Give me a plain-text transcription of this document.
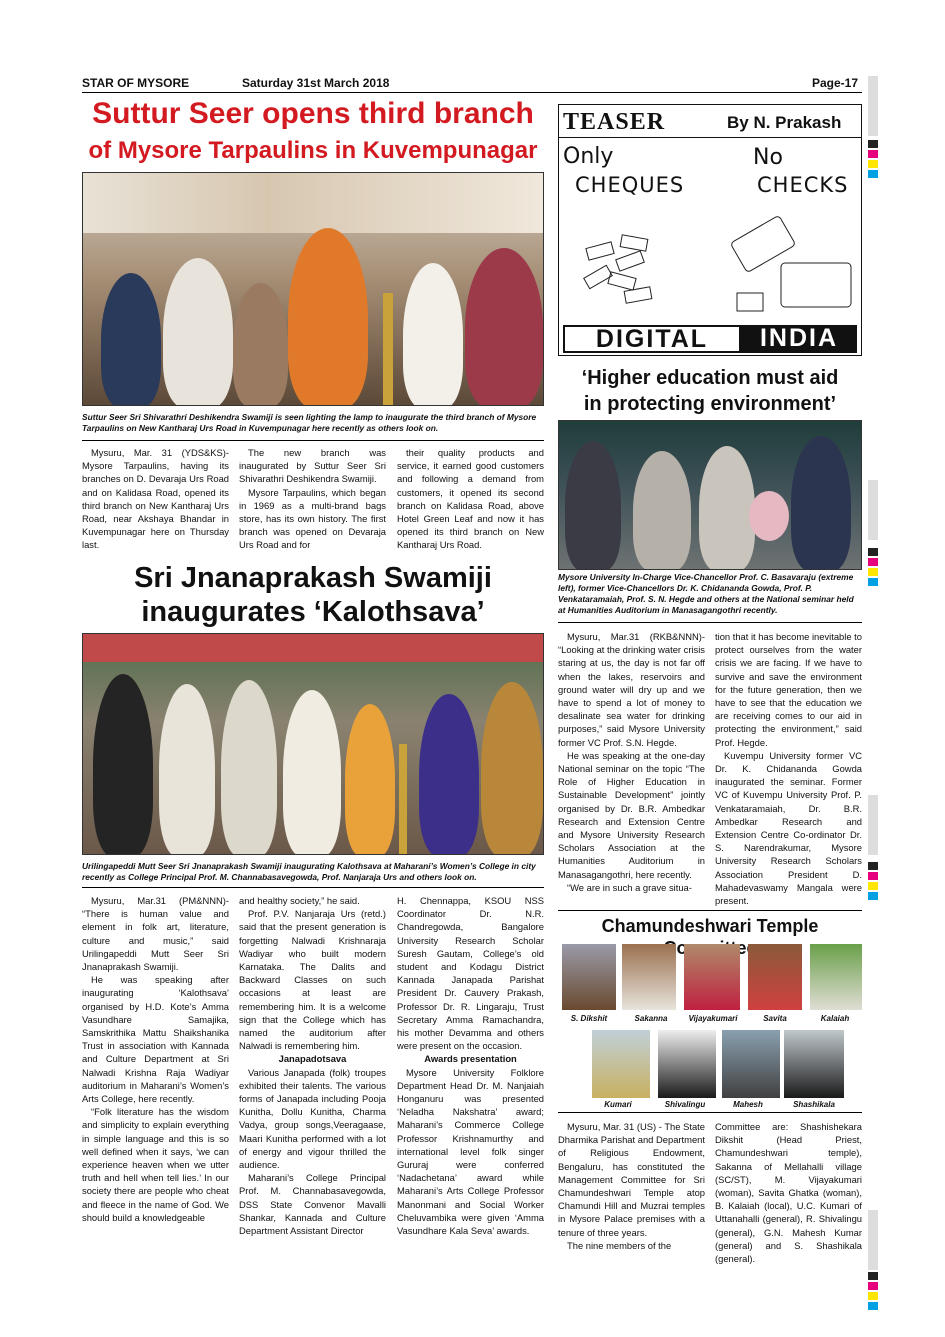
STAR OF MYSORE	Saturday 31st March 2018	Page-17
Suttur Seer opens third branch
of Mysore Tarpaulins in Kuvempunagar
Suttur Seer Sri Shivarathri Deshikendra Swamiji is seen lighting the lamp to inaugurate the third branch of Mysore Tarpaulins on New Kantharaj Urs Road in Kuvempunagar here recently as others look on.

Mysuru, Mar. 31 (YDS&KS)- Mysore Tarpaulins, having its branches on D. Devaraja Urs Road and on Kalidasa Road, opened its third branch on New Kantharaj Urs Road, near Akshaya Bhandar in Kuvempunagar here on Thursday last.

The new branch was inaugurated by Suttur Seer Sri Shivarathri Deshikendra Swamiji.

Mysore Tarpaulins, which began in 1969 as a multi-brand bags store, has its own history. The first branch was opened on Devaraja Urs Road and for

their quality products and service, it earned good customers and following a demand from customers, it opened its second branch on Kalidasa Road, above Hotel Green Leaf and now it has opened its third branch on New Kantharaj Urs Road.

TEASER	By N. Prakash
Only
CHEQUES
No
CHECKS
DIGITAL	INDIA
‘Higher education must aid
in protecting environment’
Mysore University In-Charge Vice-Chancellor Prof. C. Basavaraju (extreme left), former Vice-Chancellors Dr. K. Chidananda Gowda, Prof. P. Venkataramaiah, Prof. S. N. Hegde and others at the National seminar held at Humanities Auditorium in Manasagangothri recently.

Mysuru, Mar.31 (RKB&NNN)- “Looking at the drinking water crisis staring at us, the day is not far off when the lakes, reservoirs and ground water will dry up and we have to spend a lot of money to desalinate sea water for drinking purposes,” said Mysore University former VC Prof. S.N. Hegde.

He was speaking at the one-day National seminar on the topic “The Role of Higher Education in Sustainable Development” jointly organised by Dr. B.R. Ambedkar Research and Extension Centre and Mysore University Research Scholars Association at the Humanities Auditorium in Manasagangothri, here recently.

“We are in such a grave situa-

tion that it has become inevitable to protect ourselves from the water crisis we are facing. If we have to survive and save the environment for the future generation, then we have to see that the education we are receiving comes to our aid in protecting the environment,” said Prof. Hegde.

Kuvempu University former VC Dr. K. Chidananda Gowda inaugurated the seminar. Former VC of Kuvempu University Prof. P. Venkataramaiah, Dr. B.R. Ambedkar Research and Extension Centre Co-ordinator Dr. S. Narendrakumar, Mysore University Research Scholars Association President D. Mahadevaswamy Mangala were present.

Sri Jnanaprakash Swamiji
inaugurates ‘Kalothsava’
Urilingapeddi Mutt Seer Sri Jnanaprakash Swamiji inaugurating Kalothsava at Maharani’s Women’s College in city recently as College Principal Prof. M. Channabasavegowda, Prof. Nanjaraja Urs and others look on.

Mysuru, Mar.31 (PM&NNN)- “There is human value and element in folk art, literature, culture and music,” said Urilingapeddi Mutt Seer Sri Jnanaprakash Swamiji.

He was speaking after inaugurating ‘Kalothsava’ organised by H.D. Kote’s Amma Vasundhare Samajika, Samskrithika Mattu Shaikshanika Trust in association with Kannada and Culture Department at Sri Nalwadi Krishna Raja Wadiyar auditorium in Maharani’s Women’s Arts College, here recently.

“Folk literature has the wisdom and simplicity to explain everything in simple language and this is so well defined when it says, ‘we can experience heaven when we utter truth and hell when tell lies.’ In our society there are people who cheat and fleece in the name of God. We should build a knowledgeable

and healthy society,” he said.

Prof. P.V. Nanjaraja Urs (retd.) said that the present generation is forgetting Nalwadi Krishnaraja Wadiyar who built modern Karnataka. The Dalits and Backward Classes on such occasions at least are remembering him. It is a welcome sign that the College which has named the auditorium after Nalwadi is remembering him.

Janapadotsava

Various Janapada (folk) troupes exhibited their talents. The various forms of Janapada including Pooja Kunitha, Dollu Kunitha, Charma Vadya, group songs,Veeragaase, Maari Kunitha performed with a lot of energy and vigour thrilled the audience.

Maharani’s College Principal Prof. M. Channabasavegowda, DSS State Convenor Mavalli Shankar, Kannada and Culture Department Assistant Director

H. Chennappa, KSOU NSS Coordinator Dr. N.R. Chandregowda, Bangalore University Research Scholar Suresh Gautam, College’s old student and Kodagu District Kannada Janapada Parishat President Dr. Cauvery Prakash, Professor Dr. R. Lingaraju, Trust Secretary Amma Ramachandra, his mother Devamma and others were present on the occasion.

Awards presentation

Mysore University Folklore Department Head Dr. M. Nanjaiah Honganuru was presented ‘Neladha Nakshatra’ award; Maharani’s Commerce College Professor Krishnamurthy and international level folk singer Gururaj were conferred ‘Nadachetana’ award while Maharani’s Arts College Professor Manonmani and Social Worker Cheluvambika were given ‘Amma Vasundhare Kala Seva’ awards.

Chamundeshwari Temple
S. Dikshit	Sakanna	Vijayakumari	Savita	Kalaiah
Kumari	Shivalingu	Mahesh	Shashikala

Mysuru, Mar. 31 (US) - The State Dharmika Parishat and Department of Religious Endowment, Bengaluru, has constituted the Management Committee for Sri Chamundeshwari Temple atop Chamundi Hill and Muzrai temples in Mysore Palace premises with a tenure of three years.

The nine members of the

Committee are: Shashishekara Dikshit (Head Priest, Chamundeshwari temple), Sakanna of Mellahalli village (SC/ST), M. Vijayakumari (woman), Savita Ghatka (woman), B. Kalaiah (local), U.C. Kumari of Uttanahalli (general), R. Shivalingu (general), G.N. Mahesh Kumar (general) and S. Shashikala (general).
